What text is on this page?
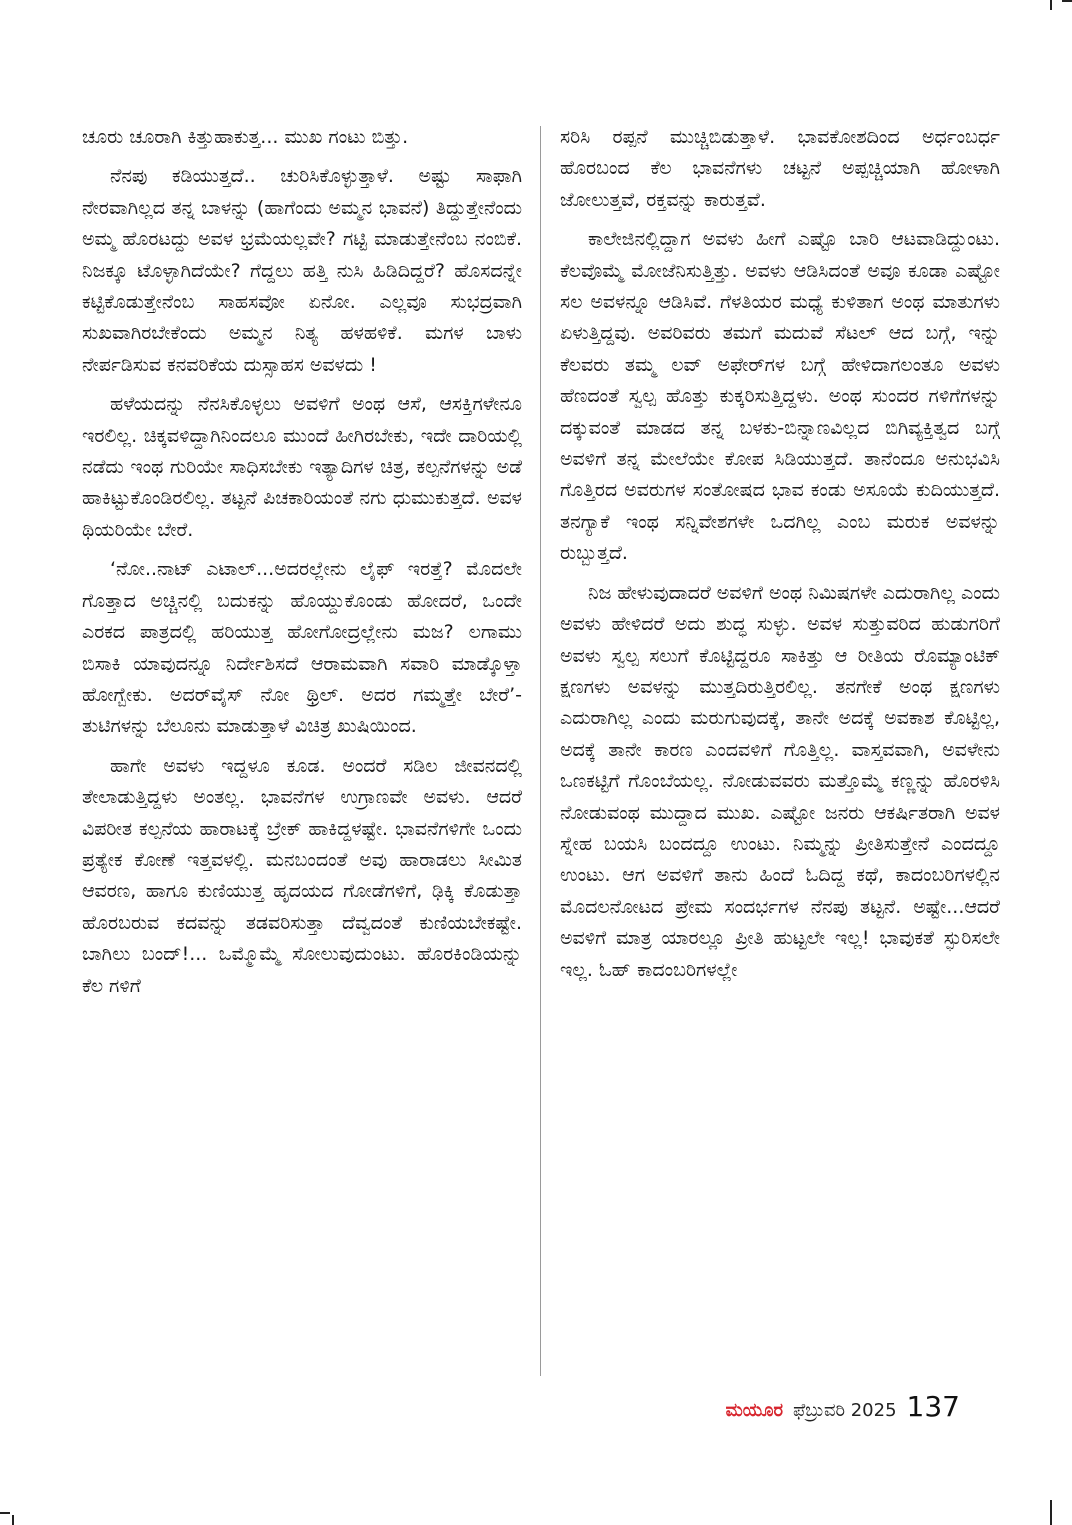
ಚೂರು ಚೂರಾಗಿ ಕಿತ್ತುಹಾಕುತ್ತ... ಮುಖ ಗಂಟು ಬಿತ್ತು.

ನೆನಪು ಕಡಿಯುತ್ತದೆ.. ಚುರಿಸಿಕೊಳ್ಳುತ್ತಾಳೆ. ಅಷ್ಟು ಸಾಫಾಗಿ ನೇರವಾಗಿಲ್ಲದ ತನ್ನ ಬಾಳನ್ನು (ಹಾಗೆಂದು ಅಮ್ಮನ ಭಾವನೆ) ತಿದ್ದುತ್ತೇನೆಂದು ಅಮ್ಮ ಹೊರಟದ್ದು ಅವಳ ಭ್ರಮೆಯಲ್ಲವೇ? ಗಟ್ಟಿ ಮಾಡುತ್ತೇನೆಂಬ ನಂಬಿಕೆ. ನಿಜಕ್ಕೂ ಟೊಳ್ಳಾಗಿದೆಯೇ? ಗೆದ್ದಲು ಹತ್ತಿ ನುಸಿ ಹಿಡಿದಿದ್ದರೆ? ಹೊಸದನ್ನೇ ಕಟ್ಟಿಕೊಡುತ್ತೇನೆಂಬ ಸಾಹಸವೋ ಏನೋ. ಎಲ್ಲವೂ ಸುಭದ್ರವಾಗಿ ಸುಖವಾಗಿರಬೇಕೆಂದು ಅಮ್ಮನ ನಿತ್ಯ ಹಳಹಳಿಕೆ. ಮಗಳ ಬಾಳು ನೇರ್ಪಡಿಸುವ ಕನವರಿಕೆಯ ದುಸ್ಸಾಹಸ ಅವಳದು !

ಹಳೆಯದನ್ನು ನೆನಸಿಕೊಳ್ಳಲು ಅವಳಿಗೆ ಅಂಥ ಆಸೆ, ಆಸಕ್ತಿಗಳೇನೂ ಇರಲಿಲ್ಲ. ಚಿಕ್ಕವಳಿದ್ದಾಗಿನಿಂದಲೂ ಮುಂದೆ ಹೀಗಿರಬೇಕು, ಇದೇ ದಾರಿಯಲ್ಲಿ ನಡೆದು ಇಂಥ ಗುರಿಯೇ ಸಾಧಿಸಬೇಕು ಇತ್ಯಾದಿಗಳ ಚಿತ್ರ, ಕಲ್ಪನೆಗಳನ್ನು ಅಡೆ ಹಾಕಿಟ್ಟುಕೊಂಡಿರಲಿಲ್ಲ. ತಟ್ಟನೆ ಪಿಚಕಾರಿಯಂತೆ ನಗು ಧುಮುಕುತ್ತದೆ. ಅವಳ ಥಿಯರಿಯೇ ಬೇರೆ.

‘ನೋ..ನಾಟ್ ಎಟಾಲ್...ಅದರಲ್ಲೇನು ಲೈಫ್ ಇರತ್ತೆ? ಮೊದಲೇ ಗೊತ್ತಾದ ಅಚ್ಚಿನಲ್ಲಿ ಬದುಕನ್ನು ಹೊಯ್ದುಕೊಂಡು ಹೋದರೆ, ಒಂದೇ ಎರಕದ ಪಾತ್ರದಲ್ಲಿ ಹರಿಯುತ್ತ ಹೋಗೋದ್ರಲ್ಲೇನು ಮಜ? ಲಗಾಮು ಬಿಸಾಕಿ ಯಾವುದನ್ನೂ ನಿರ್ದೇಶಿಸದೆ ಆರಾಮವಾಗಿ ಸವಾರಿ ಮಾಡ್ಕೊಳ್ತಾ ಹೋಗ್ಬೇಕು. ಅದರ್‌ವೈಸ್ ನೋ ಥ್ರಿಲ್. ಅದರ ಗಮ್ಮತ್ತೇ ಬೇರೆ’- ತುಟಿಗಳನ್ನು ಬೆಲೂನು ಮಾಡುತ್ತಾಳೆ ವಿಚಿತ್ರ ಖುಷಿಯಿಂದ.

ಹಾಗೇ ಅವಳು ಇದ್ದಳೂ ಕೂಡ. ಅಂದರೆ ಸಡಿಲ ಜೀವನದಲ್ಲಿ ತೇಲಾಡುತ್ತಿದ್ದಳು ಅಂತಲ್ಲ. ಭಾವನೆಗಳ ಉಗ್ರಾಣವೇ ಅವಳು. ಆದರೆ ವಿಪರೀತ ಕಲ್ಪನೆಯ ಹಾರಾಟಕ್ಕೆ ಬ್ರೇಕ್ ಹಾಕಿದ್ದಳಷ್ಟೇ. ಭಾವನೆಗಳಿಗೇ ಒಂದು ಪ್ರತ್ಯೇಕ ಕೋಣೆ ಇತ್ತವಳಲ್ಲಿ. ಮನಬಂದಂತೆ ಅವು ಹಾರಾಡಲು ಸೀಮಿತ ಆವರಣ, ಹಾಗೂ ಕುಣಿಯುತ್ತ ಹೃದಯದ ಗೋಡೆಗಳಿಗೆ, ಢಿಕ್ಕಿ ಕೊಡುತ್ತಾ ಹೊರಬರುವ ಕದವನ್ನು ತಡವರಿಸುತ್ತಾ ದೆವ್ವದಂತೆ ಕುಣಿಯಬೇಕಷ್ಟೇ. ಬಾಗಿಲು ಬಂದ್!... ಒಮ್ಮೊಮ್ಮೆ ಸೋಲುವುದುಂಟು. ಹೊರಕಿಂಡಿಯನ್ನು ಕೆಲ ಗಳಿಗೆ

ಸರಿಸಿ ರಪ್ಪನೆ ಮುಚ್ಚಿಬಿಡುತ್ತಾಳೆ. ಭಾವಕೋಶದಿಂದ ಅರ್ಧಂಬರ್ಧ ಹೊರಬಂದ ಕೆಲ ಭಾವನೆಗಳು ಚಟ್ಟನೆ ಅಪ್ಪಚ್ಚಿಯಾಗಿ ಹೋಳಾಗಿ ಜೋಲುತ್ತವೆ, ರಕ್ತವನ್ನು ಕಾರುತ್ತವೆ.

ಕಾಲೇಜಿನಲ್ಲಿದ್ದಾಗ ಅವಳು ಹೀಗೆ ಎಷ್ಟೊ ಬಾರಿ ಆಟವಾಡಿದ್ದುಂಟು. ಕೆಲವೊಮ್ಮೆ ಮೋಜೆನಿಸುತ್ತಿತ್ತು. ಅವಳು ಆಡಿಸಿದಂತೆ ಅವೂ ಕೂಡಾ ಎಷ್ಟೋ ಸಲ ಅವಳನ್ನೂ ಆಡಿಸಿವೆ. ಗೆಳತಿಯರ ಮಧ್ಯೆ ಕುಳಿತಾಗ ಅಂಥ ಮಾತುಗಳು ಏಳುತ್ತಿದ್ದವು. ಅವರಿವರು ತಮಗೆ ಮದುವೆ ಸೆಟಲ್ ಆದ ಬಗ್ಗೆ, ಇನ್ನು ಕೆಲವರು ತಮ್ಮ ಲವ್ ಅಫೇರ್‌ಗಳ ಬಗ್ಗೆ ಹೇಳಿದಾಗಲಂತೂ ಅವಳು ಹೆಣದಂತೆ ಸ್ವಲ್ಪ ಹೊತ್ತು ಕುಕ್ಕರಿಸುತ್ತಿದ್ದಳು. ಅಂಥ ಸುಂದರ ಗಳಿಗೆಗಳನ್ನು ದಕ್ಕುವಂತೆ ಮಾಡದ ತನ್ನ ಬಳಕು-ಬಿನ್ನಾಣವಿಲ್ಲದ ಬಿಗಿವ್ಯಕ್ತಿತ್ವದ ಬಗ್ಗೆ ಅವಳಿಗೆ ತನ್ನ ಮೇಲೆಯೇ ಕೋಪ ಸಿಡಿಯುತ್ತದೆ. ತಾನೆಂದೂ ಅನುಭವಿಸಿ ಗೊತ್ತಿರದ ಅವರುಗಳ ಸಂತೋಷದ ಭಾವ ಕಂಡು ಅಸೂಯೆ ಕುದಿಯುತ್ತದೆ. ತನಗ್ಯಾಕೆ ಇಂಥ ಸನ್ನಿವೇಶಗಳೇ ಒದಗಿಲ್ಲ ಎಂಬ ಮರುಕ ಅವಳನ್ನು ರುಬ್ಬುತ್ತದೆ.

ನಿಜ ಹೇಳುವುದಾದರೆ ಅವಳಿಗೆ ಅಂಥ ನಿಮಿಷಗಳೇ ಎದುರಾಗಿಲ್ಲ ಎಂದು ಅವಳು ಹೇಳಿದರೆ ಅದು ಶುದ್ಧ ಸುಳ್ಳು. ಅವಳ ಸುತ್ತುವರಿದ ಹುಡುಗರಿಗೆ ಅವಳು ಸ್ವಲ್ಪ ಸಲುಗೆ ಕೊಟ್ಟಿದ್ದರೂ ಸಾಕಿತ್ತು ಆ ರೀತಿಯ ರೊಮ್ಯಾಂಟಿಕ್ ಕ್ಷಣಗಳು ಅವಳನ್ನು ಮುತ್ತದಿರುತ್ತಿರಲಿಲ್ಲ. ತನಗೇಕೆ ಅಂಥ ಕ್ಷಣಗಳು ಎದುರಾಗಿಲ್ಲ ಎಂದು ಮರುಗುವುದಕ್ಕೆ, ತಾನೇ ಅದಕ್ಕೆ ಅವಕಾಶ ಕೊಟ್ಟಿಲ್ಲ, ಅದಕ್ಕೆ ತಾನೇ ಕಾರಣ ಎಂದವಳಿಗೆ ಗೊತ್ತಿಲ್ಲ. ವಾಸ್ತವವಾಗಿ, ಅವಳೇನು ಒಣಕಟ್ಟಿಗೆ ಗೊಂಬೆಯಲ್ಲ. ನೋಡುವವರು ಮತ್ತೊಮ್ಮೆ ಕಣ್ಣನ್ನು ಹೊರಳಿಸಿ ನೋಡುವಂಥ ಮುದ್ದಾದ ಮುಖ. ಎಷ್ಟೋ ಜನರು ಆಕರ್ಷಿತರಾಗಿ ಅವಳ ಸ್ನೇಹ ಬಯಸಿ ಬಂದದ್ದೂ ಉಂಟು. ನಿಮ್ಮನ್ನು ಪ್ರೀತಿಸುತ್ತೇನೆ ಎಂದದ್ದೂ ಉಂಟು. ಆಗ ಅವಳಿಗೆ ತಾನು ಹಿಂದೆ ಓದಿದ್ದ ಕಥೆ, ಕಾದಂಬರಿಗಳಲ್ಲಿನ ಮೊದಲನೋಟದ ಪ್ರೇಮ ಸಂದರ್ಭಗಳ ನೆನಪು ತಟ್ಟನೆ. ಅಷ್ಟೇ...ಆದರೆ ಅವಳಿಗೆ ಮಾತ್ರ ಯಾರಲ್ಲೂ ಪ್ರೀತಿ ಹುಟ್ಟಲೇ ಇಲ್ಲ! ಭಾವುಕತೆ ಸ್ಫುರಿಸಲೇ ಇಲ್ಲ. ಓಹ್ ಕಾದಂಬರಿಗಳಲ್ಲೇ

ಮಯೂರ ಫೆಬ್ರುವರಿ 2025 137
